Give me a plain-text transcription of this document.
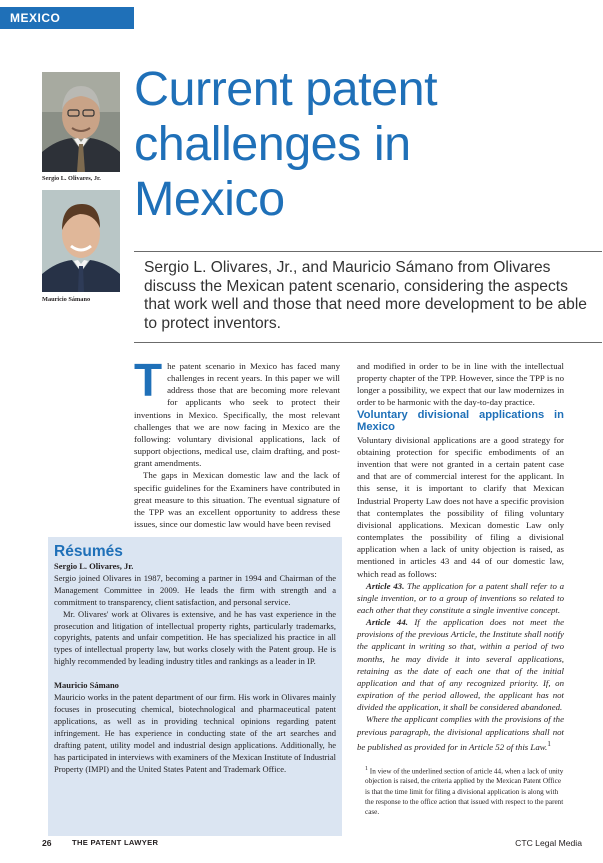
MEXICO
Sergio L. Olivares, Jr.
Mauricio Sámano
Current patent challenges in Mexico

Sergio L. Olivares, Jr., and Mauricio Sámano from Olivares discuss the Mexican patent scenario, considering the aspects that work well and those that need more development to be able to protect inventors.

The patent scenario in Mexico has faced many challenges in recent years. In this paper we will address those that are becoming more relevant for applicants who seek to protect their inventions in Mexico. Specifically, the most relevant challenges that we are now facing in Mexico are the following: voluntary divisional applications, lack of support objections, medical use, claim drafting, and post-grant amendments.

The gaps in Mexican domestic law and the lack of specific guidelines for the Examiners have contributed in great measure to this situation. The eventual signature of the TPP was an excellent opportunity to address these issues, since our domestic law would have been revised

Résumés

Sergio L. Olivares, Jr.

Sergio joined Olivares in 1987, becoming a partner in 1994 and Chairman of the Management Committee in 2009. He leads the firm with strength and a commitment to transparency, client satisfaction, and personal service.

Mr. Olivares' work at Olivares is extensive, and he has vast experience in the prosecution and litigation of intellectual property rights, particularly trademarks, copyrights, patents and unfair competition. He has specialized his practice in all types of intellectual property law, but works closely with the Patent group. He is highly recommended by leading industry titles and rankings as a leader in IP.

Mauricio Sámano

Mauricio works in the patent department of our firm. His work in Olivares mainly focuses in prosecuting chemical, biotechnological and pharmaceutical patent applications, as well as in providing technical opinions regarding patent infringement. He has experience in conducting state of the art searches and drafting patent, utility model and industrial design applications. Additionally, he has participated in interviews with examiners of the Mexican Institute of Industrial Property (IMPI) and the United States Patent and Trademark Office.

and modified in order to be in line with the intellectual property chapter of the TPP. However, since the TPP is no longer a possibility, we expect that our law modernizes in order to be harmonic with the day-to-day practice.

Voluntary divisional applications in Mexico

Voluntary divisional applications are a good strategy for obtaining protection for specific embodiments of an invention that were not granted in a certain patent case and that are of commercial interest for the applicant. In this sense, it is important to clarify that Mexican Industrial Property Law does not have a specific provision that contemplates the possibility of filing voluntary divisional applications. Mexican domestic Law only contemplates the possibility of filing a divisional application when a lack of unity objection is raised, as mentioned in articles 43 and 44 of our domestic law, which read as follows:

Article 43. The application for a patent shall refer to a single invention, or to a group of inventions so related to each other that they constitute a single inventive concept.

Article 44. If the application does not meet the provisions of the previous Article, the Institute shall notify the applicant in writing so that, within a period of two months, he may divide it into several applications, retaining as the date of each one that of the initial application and that of any recognized priority. If, on expiration of the period allowed, the applicant has not divided the application, it shall be considered abandoned.

Where the applicant complies with the provisions of the previous paragraph, the divisional applications shall not be published as provided for in Article 52 of this Law.$^1$

$^1$ In view of the underlined section of article 44, when a lack of unity objection is raised, the criteria applied by the Mexican Patent Office is that the time limit for filing a divisional application is along with the response to the office action that issued with respect to the parent case.

26	THE PATENT LAWYER	CTC Legal Media
